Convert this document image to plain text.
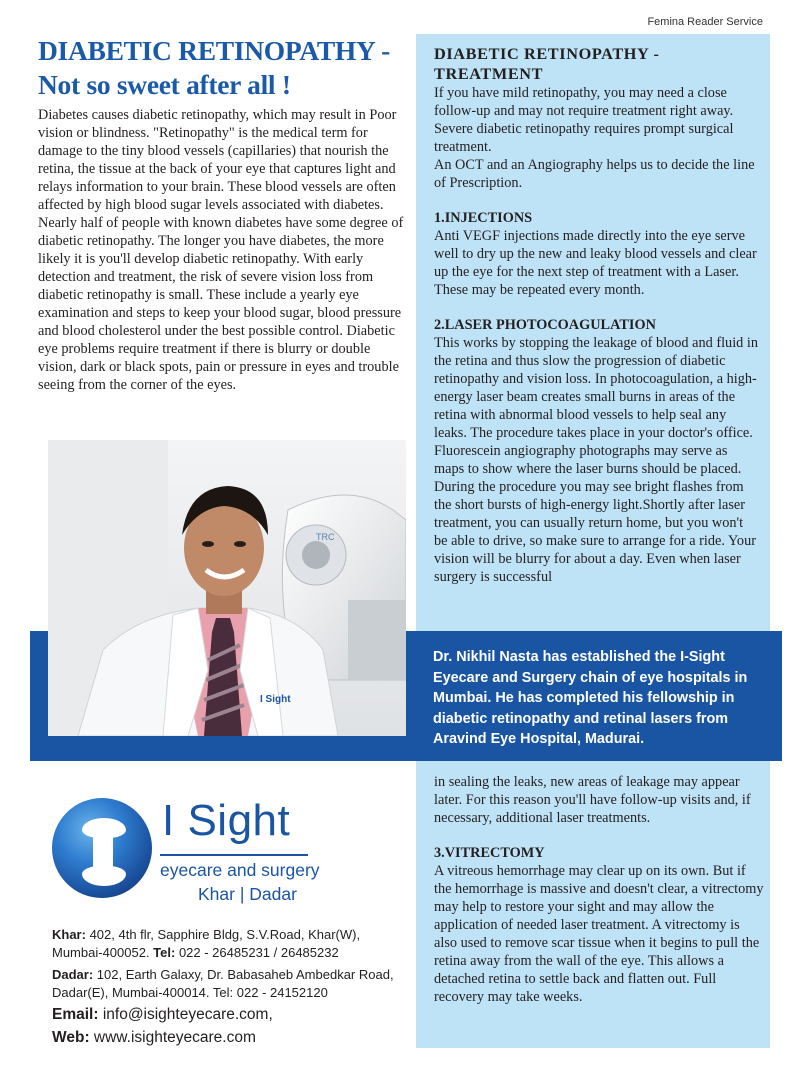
Femina Reader Service
DIABETIC RETINOPATHY -
Not so sweet after all !

Diabetes causes diabetic retinopathy, which may result in Poor vision or blindness. "Retinopathy" is the medical term for damage to the tiny blood vessels (capillaries) that nourish the retina, the tissue at the back of your eye that captures light and relays information to your brain. These blood vessels are often affected by high blood sugar levels associated with diabetes. Nearly half of people with known diabetes have some degree of diabetic retinopathy. The longer you have diabetes, the more likely it is you'll develop diabetic retinopathy. With early detection and treatment, the risk of severe vision loss from diabetic retinopathy is small. These include a yearly eye examination and steps to keep your blood sugar, blood pressure and blood cholesterol under the best possible control. Diabetic eye problems require treatment if there is blurry or double vision, dark or black spots, pain or pressure in eyes and trouble seeing from the corner of the eyes.

DIABETIC RETINOPATHY -
TREATMENT

If you have mild retinopathy, you may need a close follow-up and may not require treatment right away. Severe diabetic retinopathy requires prompt surgical treatment.

An OCT and an Angiography helps us to decide the line of Prescription.

1.INJECTIONS

Anti VEGF injections made directly into the eye serve well to dry up the new and leaky blood vessels and clear up the eye for the next step of treatment with a Laser. These may be repeated every month.

2.LASER PHOTOCOAGULATION

This works by stopping the leakage of blood and fluid in the retina and thus slow the progression of diabetic retinopathy and vision loss. In photocoagulation, a high-energy laser beam creates small burns in areas of the retina with abnormal blood vessels to help seal any leaks. The procedure takes place in your doctor's office. Fluorescein angiography photographs may serve as maps to show where the laser burns should be placed. During the procedure you may see bright flashes from the short bursts of high-energy light.Shortly after laser treatment, you can usually return home, but you won't be able to drive, so make sure to arrange for a ride. Your vision will be blurry for about a day. Even when laser surgery is successful

TRC
I Sight
Dr. Nikhil Nasta has established the I-Sight Eyecare and Surgery chain of eye hospitals in Mumbai. He has completed his fellowship in diabetic retinopathy and retinal lasers from Aravind Eye Hospital, Madurai.

in sealing the leaks, new areas of leakage may appear later. For this reason you'll have follow-up visits and, if necessary, additional laser treatments.

3.VITRECTOMY

A vitreous hemorrhage may clear up on its own. But if the hemorrhage is massive and doesn't clear, a vitrectomy may help to restore your sight and may allow the application of needed laser treatment. A vitrectomy is also used to remove scar tissue when it begins to pull the retina away from the wall of the eye. This allows a detached retina to settle back and flatten out. Full recovery may take weeks.

I Sight
eyecare and surgery
Khar | Dadar
Khar: 402, 4th flr, Sapphire Bldg, S.V.Road, Khar(W), Mumbai-400052. Tel: 022 - 26485231 / 26485232
Dadar: 102, Earth Galaxy, Dr. Babasaheb Ambedkar Road, Dadar(E), Mumbai-400014. Tel: 022 - 24152120
Email: info@isighteyecare.com,
Web: www.isighteyecare.com
